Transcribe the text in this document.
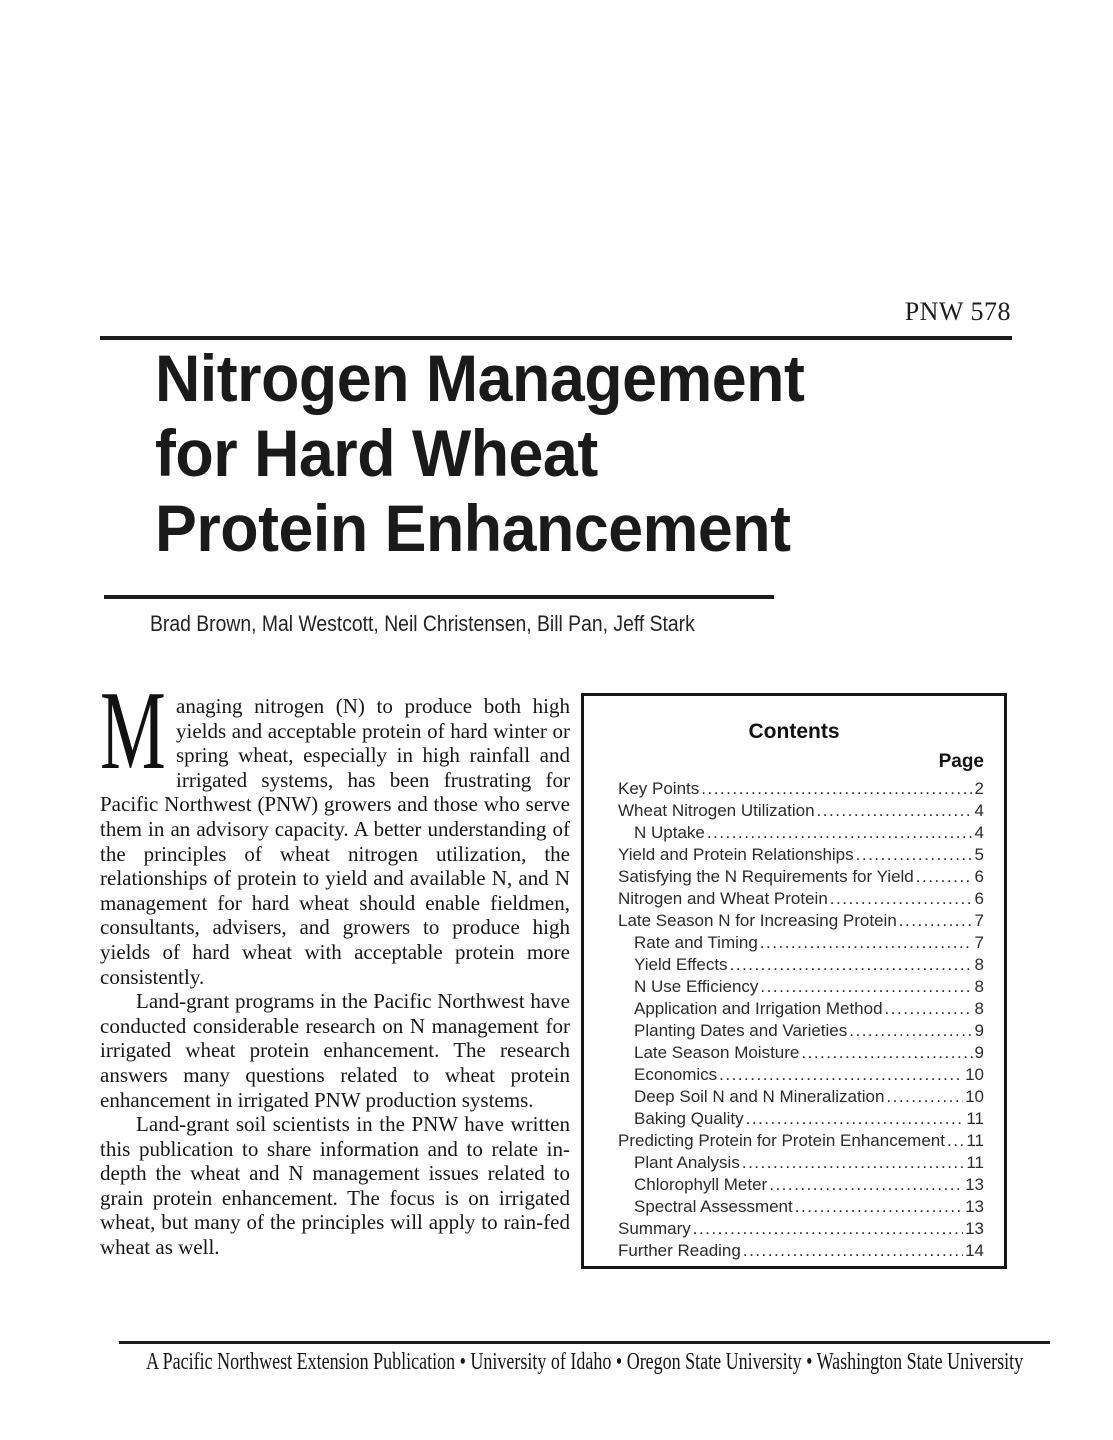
PNW 578
Nitrogen Management
for Hard Wheat
Protein Enhancement
Brad Brown, Mal Westcott, Neil Christensen, Bill Pan, Jeff Stark

Managing nitrogen (N) to produce both high yields and acceptable protein of hard winter or spring wheat, especially in high rainfall and irrigated systems, has been frustrating for Pacific Northwest (PNW) growers and those who serve them in an advisory capacity. A better understanding of the principles of wheat nitrogen utilization, the relationships of protein to yield and available N, and N management for hard wheat should enable fieldmen, consultants, advisers, and growers to produce high yields of hard wheat with acceptable protein more consistently.

Land-grant programs in the Pacific Northwest have conducted considerable research on N management for irrigated wheat protein enhancement. The research answers many questions related to wheat protein enhancement in irrigated PNW production systems.

Land-grant soil scientists in the PNW have written this publication to share information and to relate in-depth the wheat and N management issues related to grain protein enhancement. The focus is on irrigated wheat, but many of the principles will apply to rain-fed wheat as well.

Contents
Page
Key Points .....	2
Wheat Nitrogen Utilization .....	4
N Uptake .....	4
Yield and Protein Relationships .....	5
Satisfying the N Requirements for Yield .....	6
Nitrogen and Wheat Protein .....	6
Late Season N for Increasing Protein .....	7
Rate and Timing .....	7
Yield Effects .....	8
N Use Efficiency .....	8
Application and Irrigation Method .....	8
Planting Dates and Varieties .....	9
Late Season Moisture .....	9
Economics .....	10
Deep Soil N and N Mineralization .....	10
Baking Quality .....	11
Predicting Protein for Protein Enhancement ..... 11
Plant Analysis .....	11
Chlorophyll Meter .....	13
Spectral Assessment .....	13
Summary .....	13
Further Reading .....	14
A Pacific Northwest Extension Publication • University of Idaho • Oregon State University • Washington State University
